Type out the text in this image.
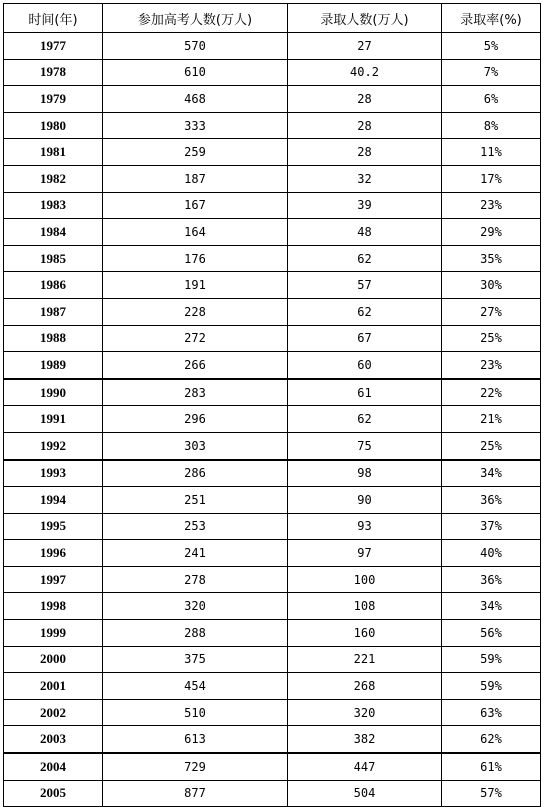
时间(年)	参加高考人数(万人)	录取人数(万人)	录取率(%)
1977	570	27	5%
1978	610	40.2	7%
1979	468	28	6%
1980	333	28	8%
1981	259	28	11%
1982	187	32	17%
1983	167	39	23%
1984	164	48	29%
1985	176	62	35%
1986	191	57	30%
1987	228	62	27%
1988	272	67	25%
1989	266	60	23%
1990	283	61	22%
1991	296	62	21%
1992	303	75	25%
1993	286	98	34%
1994	251	90	36%
1995	253	93	37%
1996	241	97	40%
1997	278	100	36%
1998	320	108	34%
1999	288	160	56%
2000	375	221	59%
2001	454	268	59%
2002	510	320	63%
2003	613	382	62%
2004	729	447	61%
2005	877	504	57%
